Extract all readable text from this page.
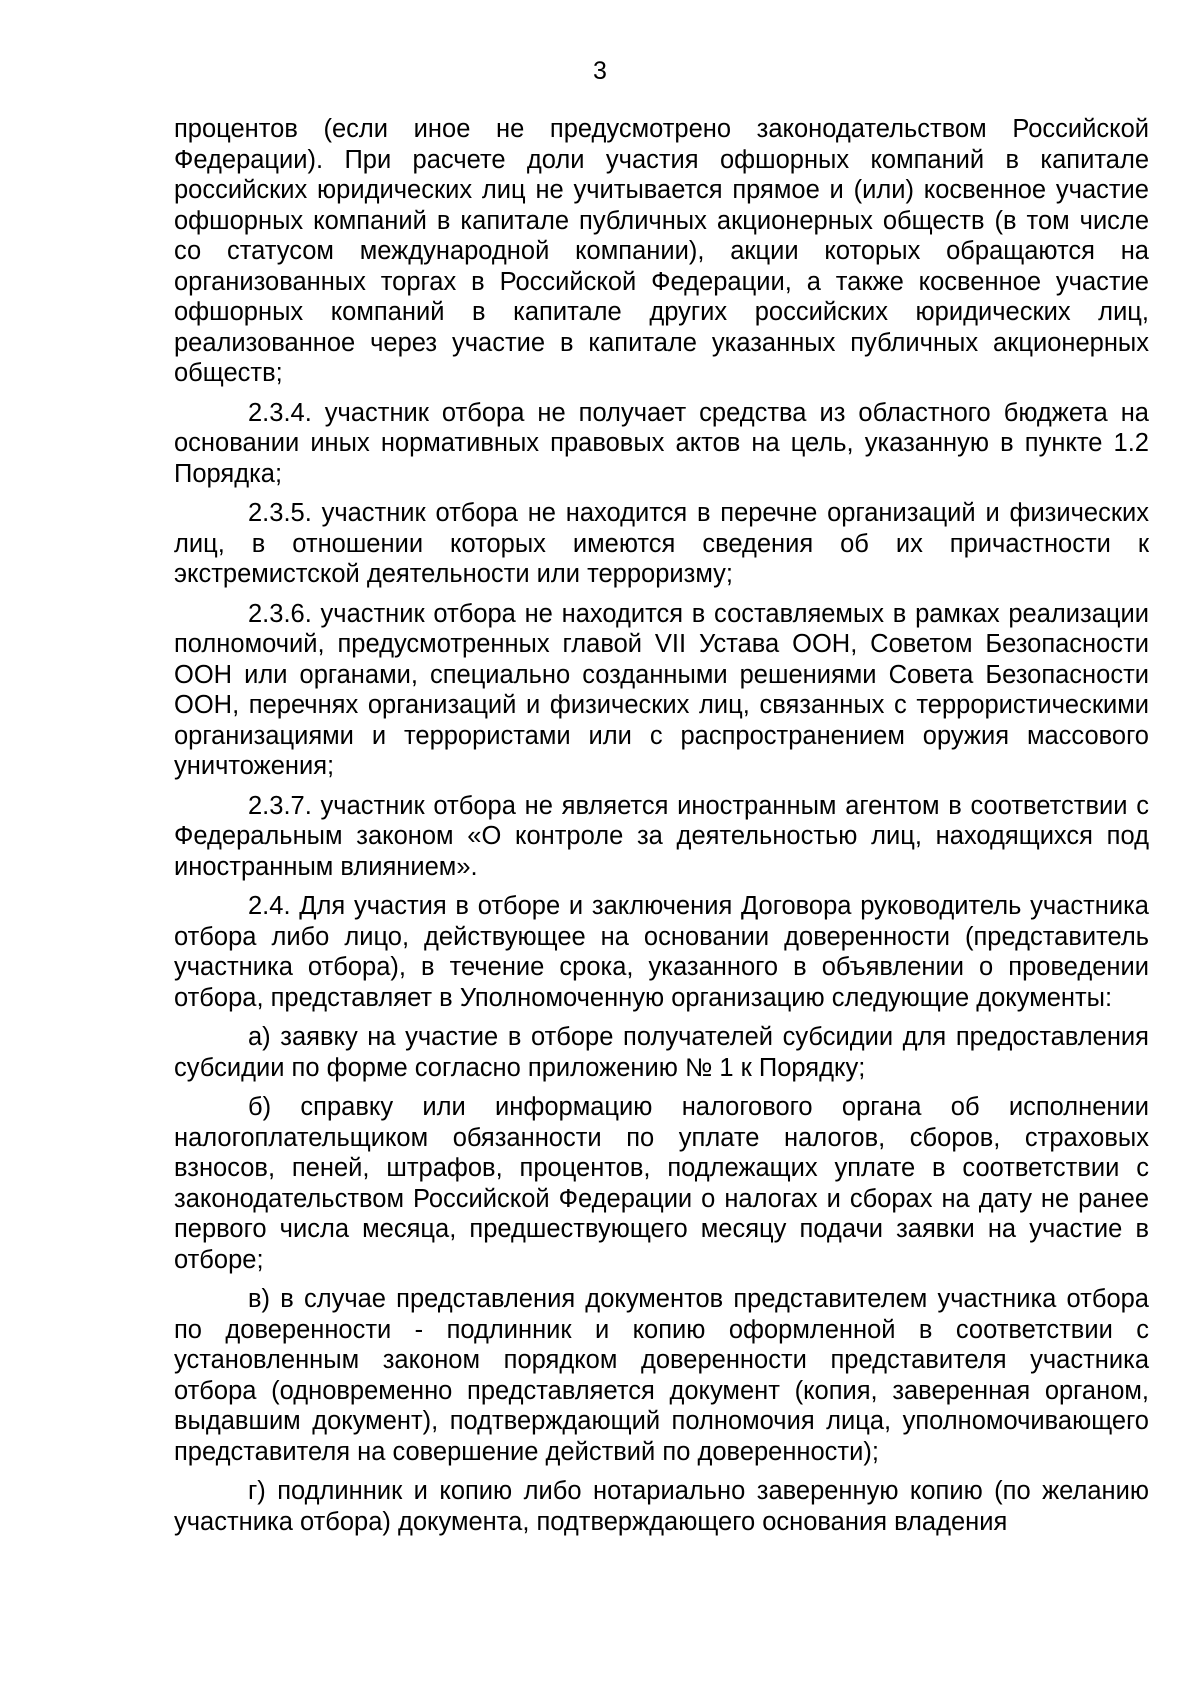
3

процентов (если иное не предусмотрено законодательством Российской Федерации). При расчете доли участия офшорных компаний в капитале российских юридических лиц не учитывается прямое и (или) косвенное участие офшорных компаний в капитале публичных акционерных обществ (в том числе со статусом международной компании), акции которых обращаются на организованных торгах в Российской Федерации, а также косвенное участие офшорных компаний в капитале других российских юридических лиц, реализованное через участие в капитале указанных публичных акционерных обществ;

2.3.4. участник отбора не получает средства из областного бюджета на основании иных нормативных правовых актов на цель, указанную в пункте 1.2 Порядка;

2.3.5. участник отбора не находится в перечне организаций и физических лиц, в отношении которых имеются сведения об их причастности к экстремистской деятельности или терроризму;

2.3.6. участник отбора не находится в составляемых в рамках реализации полномочий, предусмотренных главой VII Устава ООН, Советом Безопасности ООН или органами, специально созданными решениями Совета Безопасности ООН, перечнях организаций и физических лиц, связанных с террористическими организациями и террористами или с распространением оружия массового уничтожения;

2.3.7. участник отбора не является иностранным агентом в соответствии с Федеральным законом «О контроле за деятельностью лиц, находящихся под иностранным влиянием».

2.4. Для участия в отборе и заключения Договора руководитель участника отбора либо лицо, действующее на основании доверенности (представитель участника отбора), в течение срока, указанного в объявлении о проведении отбора, представляет в Уполномоченную организацию следующие документы:

а) заявку на участие в отборе получателей субсидии для предоставления субсидии по форме согласно приложению № 1 к Порядку;

б) справку или информацию налогового органа об исполнении налогоплательщиком обязанности по уплате налогов, сборов, страховых взносов, пеней, штрафов, процентов, подлежащих уплате в соответствии с законодательством Российской Федерации о налогах и сборах на дату не ранее первого числа месяца, предшествующего месяцу подачи заявки на участие в отборе;

в) в случае представления документов представителем участника отбора по доверенности - подлинник и копию оформленной в соответствии с установленным законом порядком доверенности представителя участника отбора (одновременно представляется документ (копия, заверенная органом, выдавшим документ), подтверждающий полномочия лица, уполномочивающего представителя на совершение действий по доверенности);

г) подлинник и копию либо нотариально заверенную копию (по желанию участника отбора) документа, подтверждающего основания владения
